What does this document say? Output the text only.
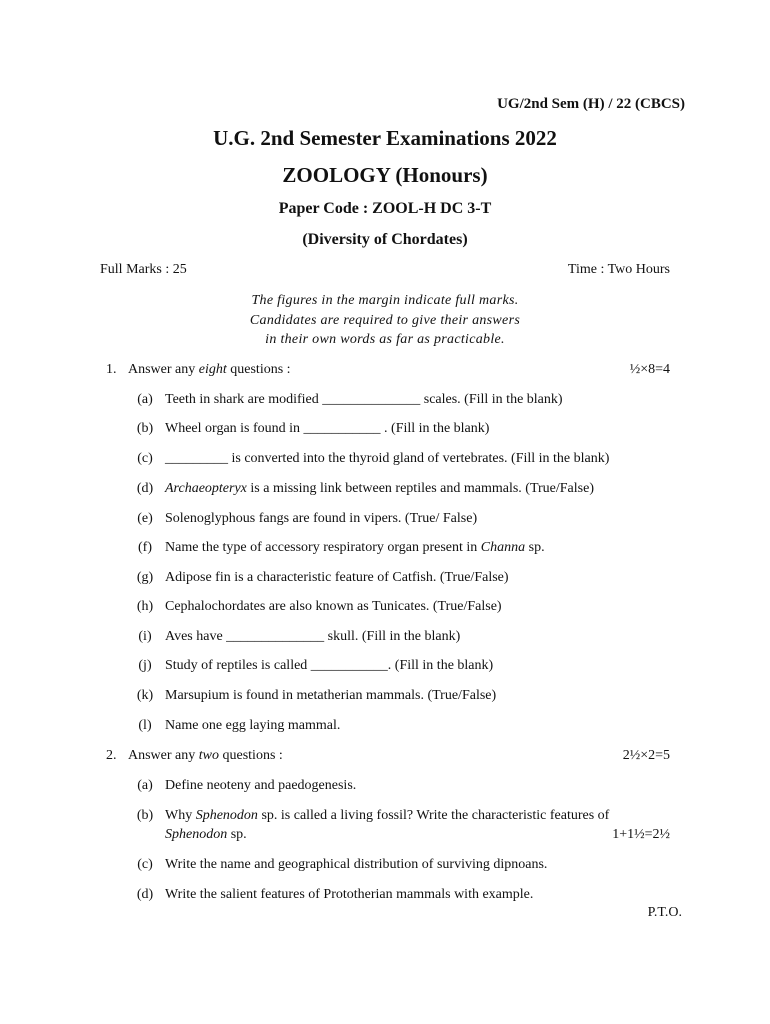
UG/2nd Sem (H) / 22 (CBCS)
U.G. 2nd Semester Examinations 2022
ZOOLOGY (Honours)
Paper Code : ZOOL-H DC 3-T
(Diversity of Chordates)
Full Marks : 25	Time : Two Hours
The figures in the margin indicate full marks.
Candidates are required to give their answers
in their own words as far as practicable.
1. Answer any eight questions :	½×8=4
(a) Teeth in shark are modified ______________ scales. (Fill in the blank)
(b) Wheel organ is found in ___________ . (Fill in the blank)
(c) _________ is converted into the thyroid gland of vertebrates. (Fill in the blank)
(d) Archaeopteryx is a missing link between reptiles and mammals. (True/False)
(e) Solenoglyphous fangs are found in vipers. (True/ False)
(f) Name the type of accessory respiratory organ present in Channa sp.
(g) Adipose fin is a characteristic feature of Catfish. (True/False)
(h) Cephalochordates are also known as Tunicates. (True/False)
(i) Aves have ______________ skull. (Fill in the blank)
(j) Study of reptiles is called ___________. (Fill in the blank)
(k) Marsupium is found in metatherian mammals. (True/False)
(l) Name one egg laying mammal.
2. Answer any two questions :	2½×2=5
(a) Define neoteny and paedogenesis.
(b) Why Sphenodon sp. is called a living fossil? Write the characteristic features of
Sphenodon sp.	1+1½=2½
(c) Write the name and geographical distribution of surviving dipnoans.
(d) Write the salient features of Prototherian mammals with example.
P.T.O.
